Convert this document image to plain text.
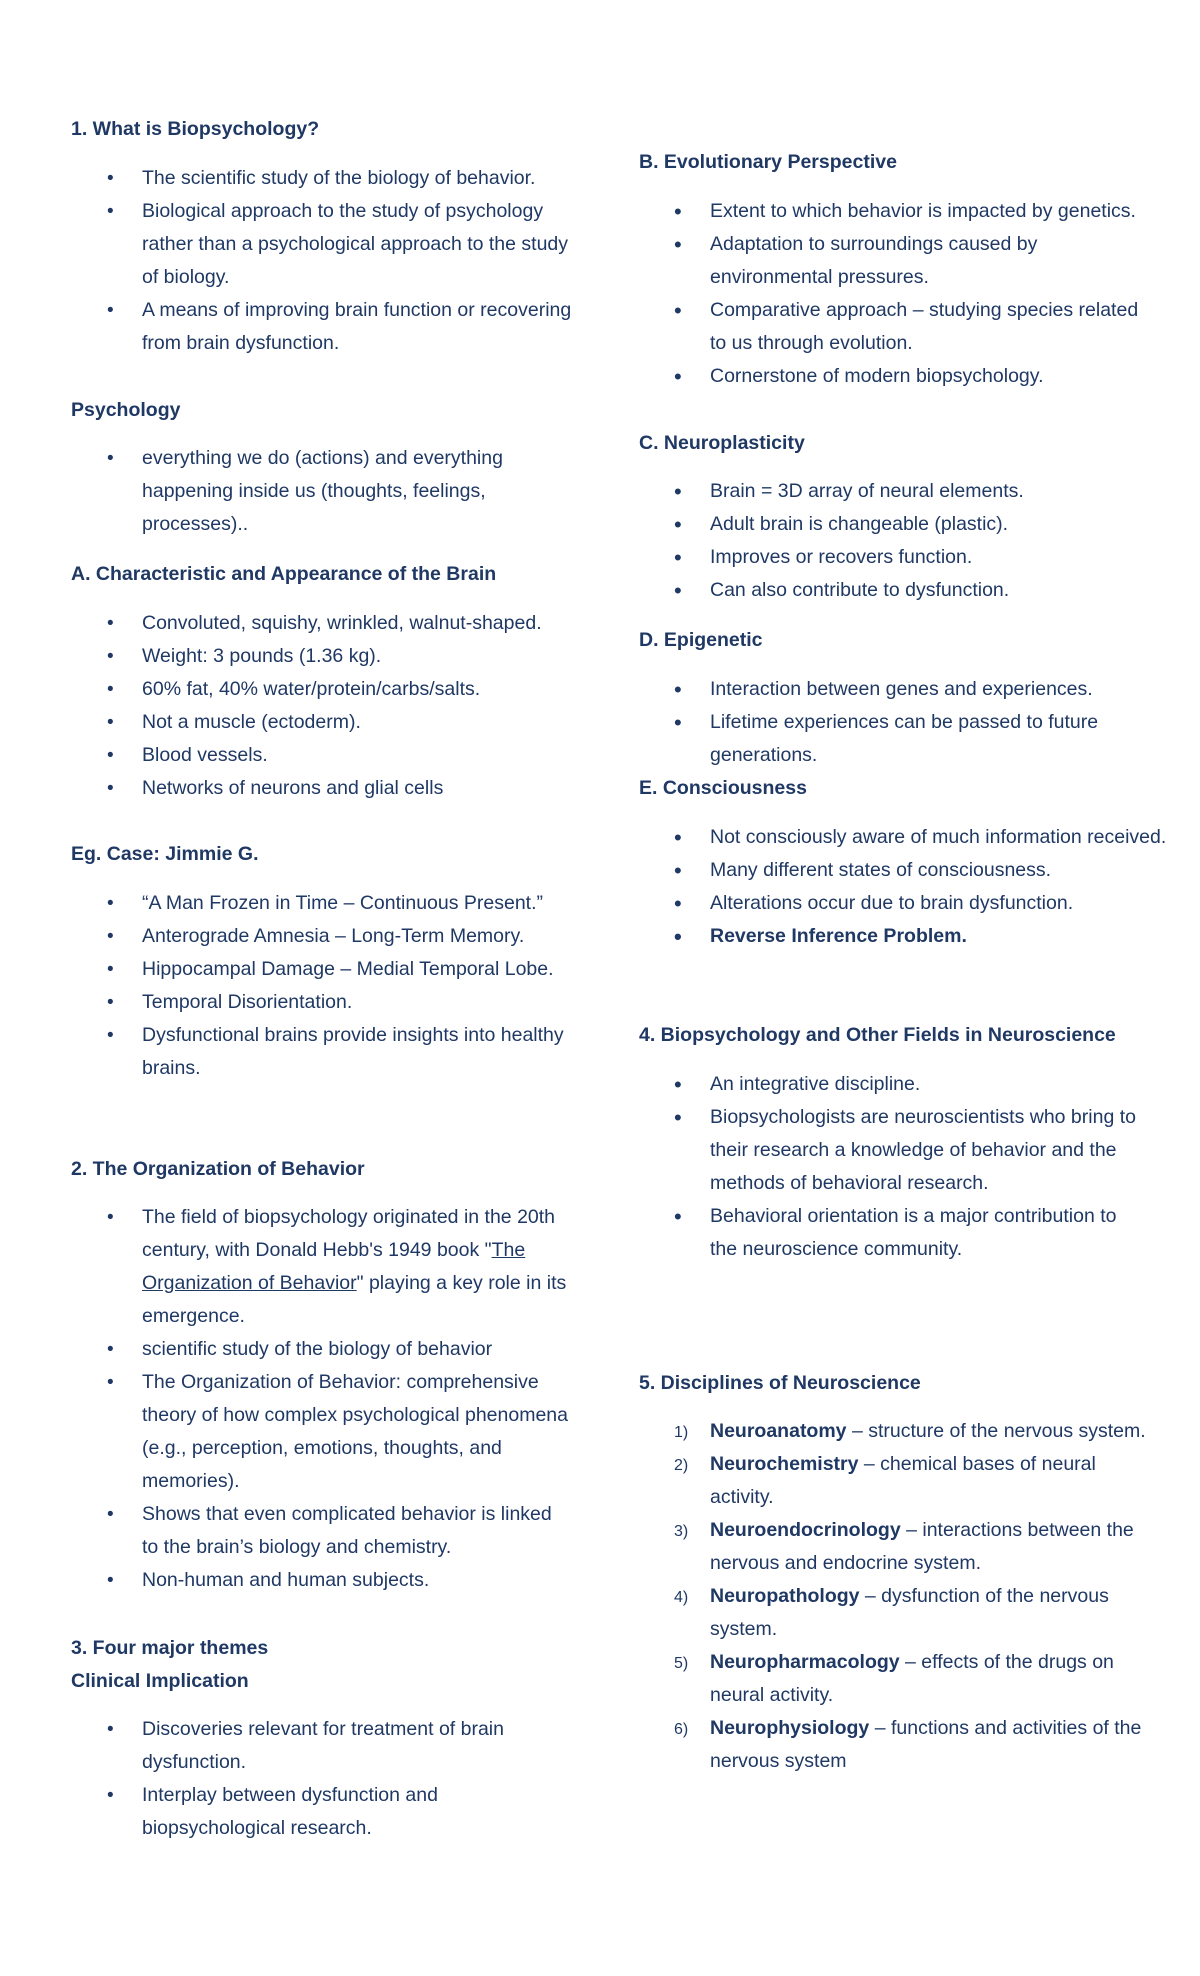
1. What is Biopsychology?
• The scientific study of the biology of behavior.
• Biological approach to the study of psychology rather than a psychological approach to the study of biology.
• A means of improving brain function or recovering from brain dysfunction.
Psychology
• everything we do (actions) and everything happening inside us (thoughts, feelings, processes)..
A. Characteristic and Appearance of the Brain
• Convoluted, squishy, wrinkled, walnut-shaped.
• Weight: 3 pounds (1.36 kg).
• 60% fat, 40% water/protein/carbs/salts.
• Not a muscle (ectoderm).
• Blood vessels.
• Networks of neurons and glial cells
Eg. Case: Jimmie G.
• “A Man Frozen in Time – Continuous Present.”
• Anterograde Amnesia – Long-Term Memory.
• Hippocampal Damage – Medial Temporal Lobe.
• Temporal Disorientation.
• Dysfunctional brains provide insights into healthy brains.
2. The Organization of Behavior
• The field of biopsychology originated in the 20th century, with Donald Hebb's 1949 book "The Organization of Behavior" playing a key role in its emergence.
• scientific study of the biology of behavior
• The Organization of Behavior: comprehensive theory of how complex psychological phenomena (e.g., perception, emotions, thoughts, and memories).
• Shows that even complicated behavior is linked to the brain’s biology and chemistry.
• Non-human and human subjects.
3. Four major themes
Clinical Implication
• Discoveries relevant for treatment of brain dysfunction.
• Interplay between dysfunction and biopsychological research.
B. Evolutionary Perspective
• Extent to which behavior is impacted by genetics.
• Adaptation to surroundings caused by environmental pressures.
• Comparative approach – studying species related to us through evolution.
• Cornerstone of modern biopsychology.
C. Neuroplasticity
• Brain = 3D array of neural elements.
• Adult brain is changeable (plastic).
• Improves or recovers function.
• Can also contribute to dysfunction.
D. Epigenetic
• Interaction between genes and experiences.
• Lifetime experiences can be passed to future generations.
E. Consciousness
• Not consciously aware of much information received.
• Many different states of consciousness.
• Alterations occur due to brain dysfunction.
• Reverse Inference Problem.
4. Biopsychology and Other Fields in Neuroscience
• An integrative discipline.
• Biopsychologists are neuroscientists who bring to their research a knowledge of behavior and the methods of behavioral research.
• Behavioral orientation is a major contribution to the neuroscience community.
5. Disciplines of Neuroscience
1) Neuroanatomy – structure of the nervous system.
2) Neurochemistry – chemical bases of neural activity.
3) Neuroendocrinology – interactions between the nervous and endocrine system.
4) Neuropathology – dysfunction of the nervous system.
5) Neuropharmacology – effects of the drugs on neural activity.
6) Neurophysiology – functions and activities of the nervous system
